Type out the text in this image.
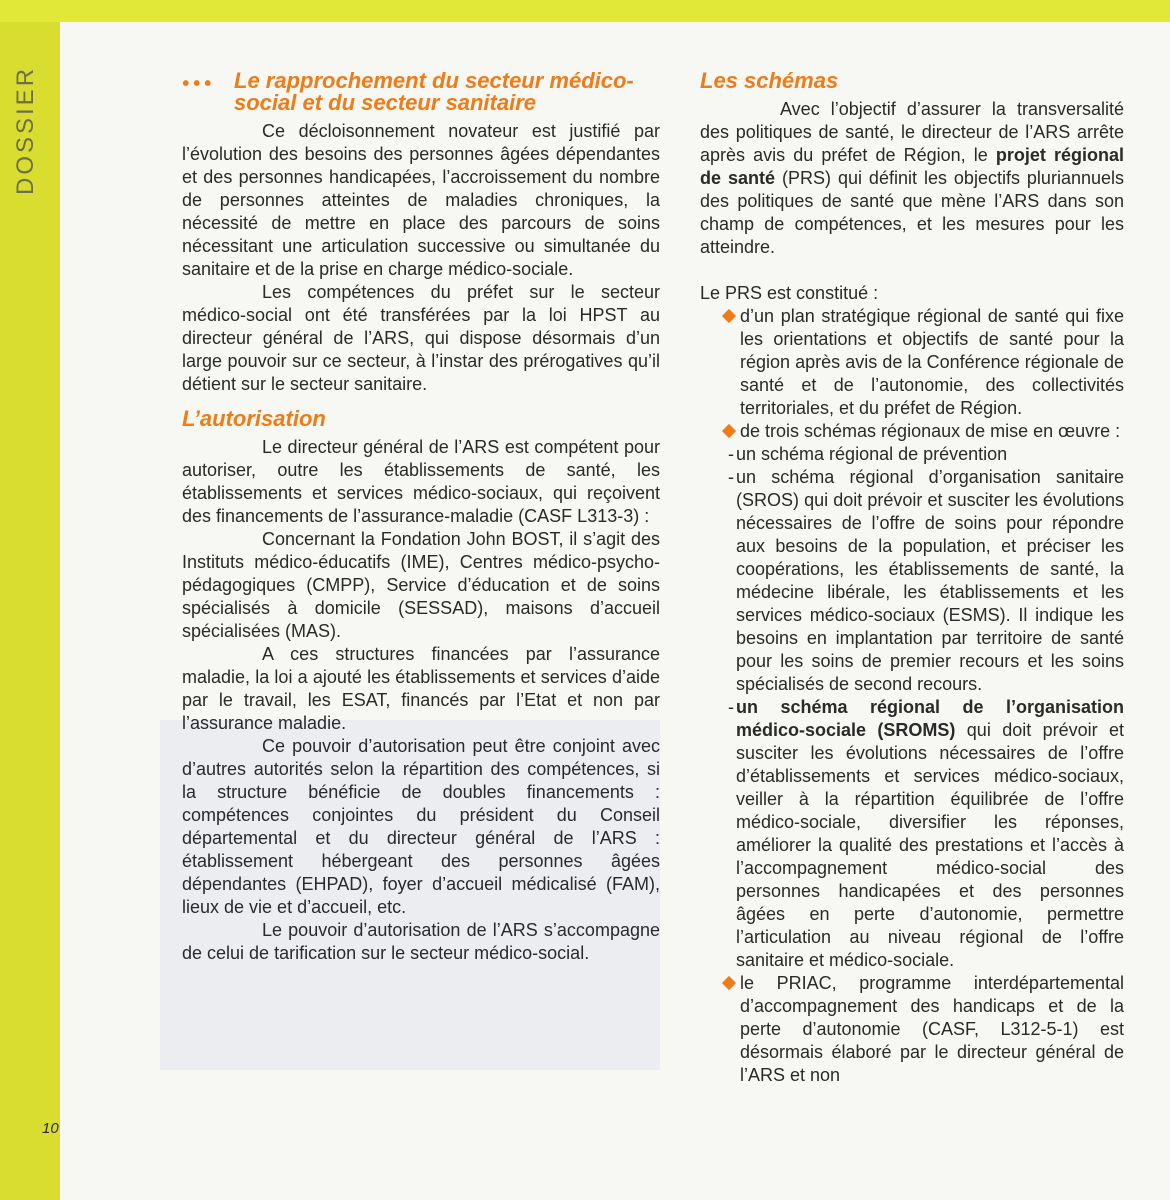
DOSSIER	••• Le rapprochement du secteur médico-social et du secteur sanitaire

Ce décloisonnement novateur est justifié par l’évolution des besoins des personnes âgées dépendantes et des personnes handicapées, l’accroissement du nombre de personnes atteintes de maladies chroniques, la nécessité de mettre en place des parcours de soins nécessitant une articulation successive ou simultanée du sanitaire et de la prise en charge médico-sociale.

Les compétences du préfet sur le secteur médico-social ont été transférées par la loi HPST au directeur général de l’ARS, qui dispose désormais d’un large pouvoir sur ce secteur, à l’instar des prérogatives qu’il détient sur le secteur sanitaire.

L’autorisation

Le directeur général de l’ARS est compétent pour autoriser, outre les établissements de santé, les établissements et services médico-sociaux, qui reçoivent des financements de l’assurance-maladie (CASF L313-3) :

Concernant la Fondation John BOST, il s’agit des Instituts médico-éducatifs (IME), Centres médico-psycho-pédagogiques (CMPP), Service d’éducation et de soins spécialisés à domicile (SESSAD), maisons d’accueil spécialisées (MAS).

A ces structures financées par l’assurance maladie, la loi a ajouté les établissements et services d’aide par le travail, les ESAT, financés par l’Etat et non par l’assurance maladie.

Ce pouvoir d’autorisation peut être conjoint avec d’autres autorités selon la répartition des compétences, si la structure bénéficie de doubles financements : compétences conjointes du président du Conseil départemental et du directeur général de l’ARS : établissement hébergeant des personnes âgées dépendantes (EHPAD), foyer d’accueil médicalisé (FAM), lieux de vie et d’accueil, etc.

Le pouvoir d’autorisation de l’ARS s’accompagne de celui de tarification sur le secteur médico-social.

Les schémas

Avec l’objectif d’assurer la transversalité des politiques de santé, le directeur de l’ARS arrête après avis du préfet de Région, le projet régional de santé (PRS) qui définit les objectifs pluriannuels des politiques de santé que mène l’ARS dans son champ de compétences, et les mesures pour les atteindre.

Le PRS est constitué :

d’un plan stratégique régional de santé qui fixe les orientations et objectifs de santé pour la région après avis de la Conférence régionale de santé et de l’autonomie, des collectivités territoriales, et du préfet de Région.

de trois schémas régionaux de mise en œuvre :

- un schéma régional de prévention

- un schéma régional d’organisation sanitaire (SROS) qui doit prévoir et susciter les évolutions nécessaires de l’offre de soins pour répondre aux besoins de la population, et préciser les coopérations, les établissements de santé, la médecine libérale, les établissements et les services médico-sociaux (ESMS). Il indique les besoins en implantation par territoire de santé pour les soins de premier recours et les soins spécialisés de second recours.

- un schéma régional de l’organisation médico-sociale (SROMS) qui doit prévoir et susciter les évolutions nécessaires de l’offre d’établissements et services médico-sociaux, veiller à la répartition équilibrée de l’offre médico-sociale, diversifier les réponses, améliorer la qualité des prestations et l’accès à l’accompagnement médico-social des personnes handicapées et des personnes âgées en perte d’autonomie, permettre l’articulation au niveau régional de l’offre sanitaire et médico-sociale.

le PRIAC, programme interdépartemental d’accompagnement des handicaps et de la perte d’autonomie (CASF, L312-5-1) est désormais élaboré par le directeur général de l’ARS et non

10
